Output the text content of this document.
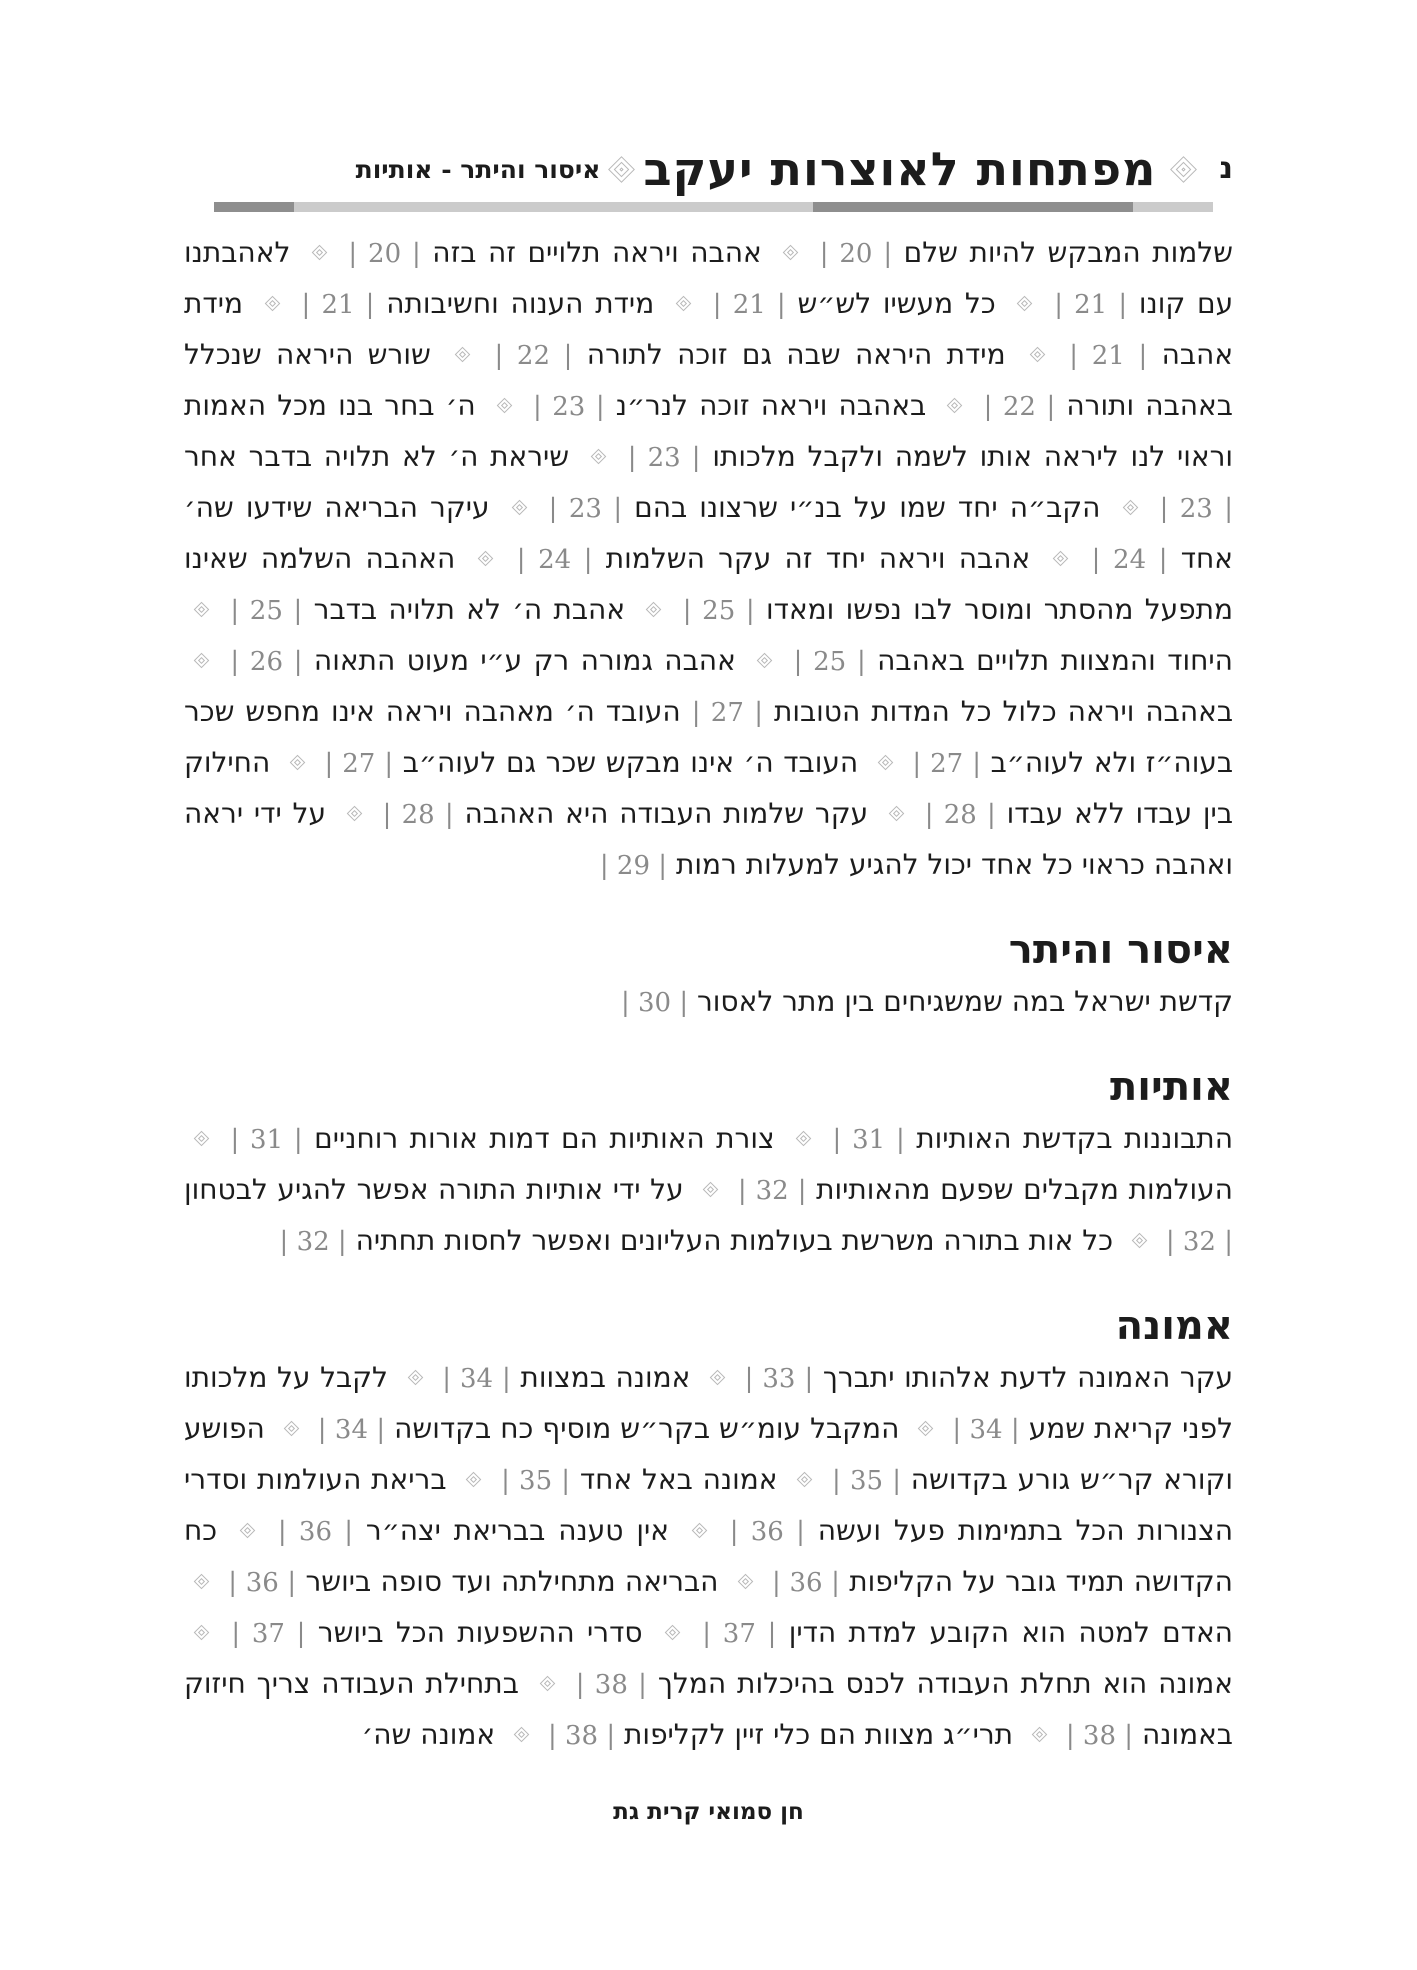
נ
מפתחות לאוצרות יעקב
איסור והיתר - אותיות
שלמות המבקש להיות שלם | 20 |  אהבה ויראה תלויים זה בזה | 20 |  לאהבתנו עם קונו | 21 |  כל מעשיו לש״ש | 21 |  מידת הענוה וחשיבותה | 21 |  מידת אהבה | 21 |  מידת היראה שבה גם זוכה לתורה | 22 |  שורש היראה שנכלל באהבה ותורה | 22 |  באהבה ויראה זוכה לנר״נ | 23 |  ה׳ בחר בנו מכל האמות וראוי לנו ליראה אותו לשמה ולקבל מלכותו | 23 |  שיראת ה׳ לא תלויה בדבר אחר | 23 |  הקב״ה יחד שמו על בנ״י שרצונו בהם | 23 |  עיקר הבריאה שידעו שה׳ אחד | 24 |  אהבה ויראה יחד זה עקר השלמות | 24 |  האהבה השלמה שאינו מתפעל מהסתר ומוסר לבו נפשו ומאדו | 25 |  אהבת ה׳ לא תלויה בדבר | 25 |  היחוד והמצוות תלויים באהבה | 25 |  אהבה גמורה רק ע״י מעוט התאוה | 26 |  באהבה ויראה כלול כל המדות הטובות | 27 | העובד ה׳ מאהבה ויראה אינו מחפש שכר בעוה״ז ולא לעוה״ב | 27 |  העובד ה׳ אינו מבקש שכר גם לעוה״ב | 27 |  החילוק בין עבדו ללא עבדו | 28 |  עקר שלמות העבודה היא האהבה | 28 |  על ידי יראה ואהבה כראוי כל אחד יכול להגיע למעלות רמות | 29 |
איסור והיתר
קדשת ישראל במה שמשגיחים בין מתר לאסור | 30 |
אותיות
התבוננות בקדשת האותיות | 31 |  צורת האותיות הם דמות אורות רוחניים | 31 |  העולמות מקבלים שפעם מהאותיות | 32 |  על ידי אותיות התורה אפשר להגיע לבטחון | 32 |  כל אות בתורה משרשת בעולמות העליונים ואפשר לחסות תחתיה | 32 |
אמונה
עקר האמונה לדעת אלהותו יתברך | 33 |  אמונה במצוות | 34 |  לקבל על מלכותו לפני קריאת שמע | 34 |  המקבל עומ״ש בקר״ש מוסיף כח בקדושה | 34 |  הפושע וקורא קר״ש גורע בקדושה | 35 |  אמונה באל אחד | 35 |  בריאת העולמות וסדרי הצנורות הכל בתמימות פעל ועשה | 36 |  אין טענה בבריאת יצה״ר | 36 |  כח הקדושה תמיד גובר על הקליפות | 36 |  הבריאה מתחילתה ועד סופה ביושר | 36 |  האדם למטה הוא הקובע למדת הדין | 37 |  סדרי ההשפעות הכל ביושר | 37 |  אמונה הוא תחלת העבודה לכנס בהיכלות המלך | 38 |  בתחילת העבודה צריך חיזוק באמונה | 38 |  תרי״ג מצוות הם כלי זיין לקליפות | 38 |  אמונה שה׳
חן סמואי קרית גת
